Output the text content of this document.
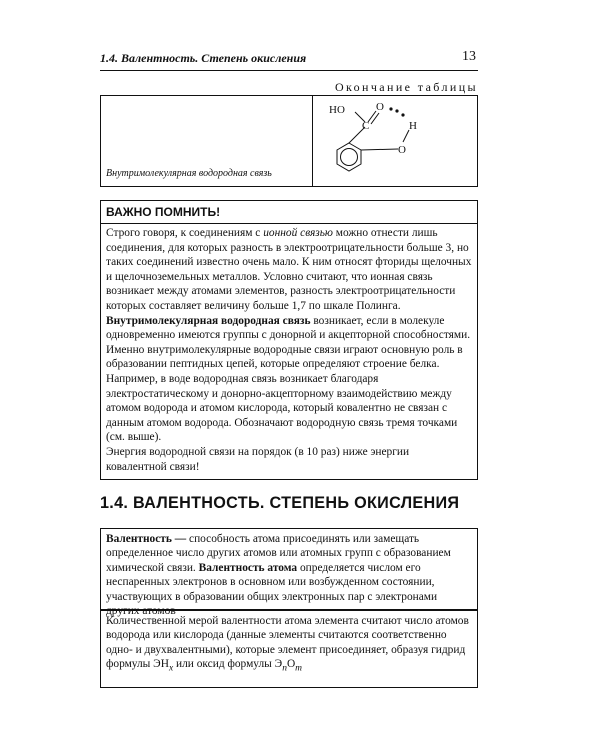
1.4. Валентность. Степень окисления	13
Окончание таблицы
Внутримолекулярная водородная связь
HO	O
C	H
O
ВАЖНО ПОМНИТЬ!

Строго говоря, к соединениям с ионной связью можно отнести лишь соединения, для которых разность в электроотрицательности больше 3, но таких соединений известно очень мало. К ним относят фториды щелочных и щелочноземельных металлов. Условно считают, что ионная связь возникает между атомами элементов, разность электроотрицательности которых составляет величину больше 1,7 по шкале Полинга.

Внутримолекулярная водородная связь возникает, если в молекуле одновременно имеются группы с донорной и акцепторной способностями. Именно внутримолекулярные водородные связи играют основную роль в образовании пептидных цепей, которые определяют строение белка.

Например, в воде водородная связь возникает благодаря электростатическому и донорно-акцепторному взаимодействию между атомом водорода и атомом кислорода, который ковалентно не связан с данным атомом водорода. Обозначают водородную связь тремя точками (см. выше).

Энергия водородной связи на порядок (в 10 раз) ниже энергии ковалентной связи!

1.4. ВАЛЕНТНОСТЬ. СТЕПЕНЬ ОКИСЛЕНИЯ
Валентность — способность атома присоединять или замещать определенное число других атомов или атомных групп с образованием химической связи. Валентность атома определяется числом его неспаренных электронов в основном или возбужденном состоянии, участвующих в образовании общих электронных пар с электронами других атомов
Количественной мерой валентности атома элемента считают число атомов водорода или кислорода (данные элементы считаются соответственно одно- и двухвалентными), которые элемент присоединяет, образуя гидрид формулы $ЭН_x$ или оксид формулы $Э_nO_m$
